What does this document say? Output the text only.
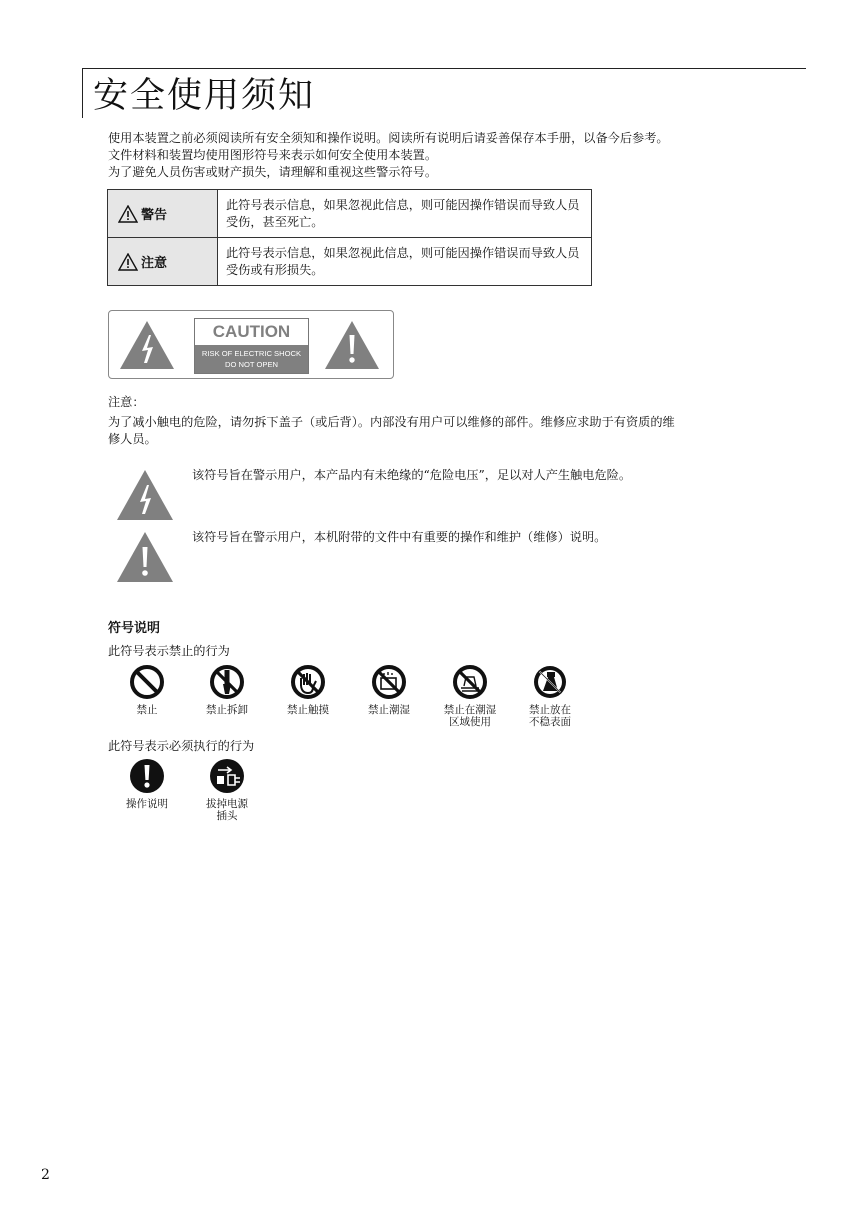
安全使用须知
使用本装置之前必须阅读所有安全须知和操作说明。阅读所有说明后请妥善保存本手册，以备今后参考。
文件材料和装置均使用图形符号来表示如何安全使用本装置。
为了避免人员伤害或财产损失，请理解和重视这些警示符号。
警告	此符号表示信息，如果忽视此信息，则可能因操作错误而导致人员受伤，甚至死亡。

注意	此符号表示信息，如果忽视此信息，则可能因操作错误而导致人员受伤或有形损失。
CAUTION
RISK OF ELECTRIC SHOCK
DO NOT OPEN
注意：
为了减小触电的危险，请勿拆下盖子（或后背）。内部没有用户可以维修的部件。维修应求助于有资质的维
修人员。
该符号旨在警示用户，本产品内有未绝缘的“危险电压”，足以对人产生触电危险。
该符号旨在警示用户，本机附带的文件中有重要的操作和维护（维修）说明。
符号说明
此符号表示禁止的行为
禁止	禁止拆卸	禁止触摸	禁止潮湿	禁止在潮湿
区域使用
禁止放在
不稳表面
此符号表示必须执行的行为
操作说明	拔掉电源
插头
2
